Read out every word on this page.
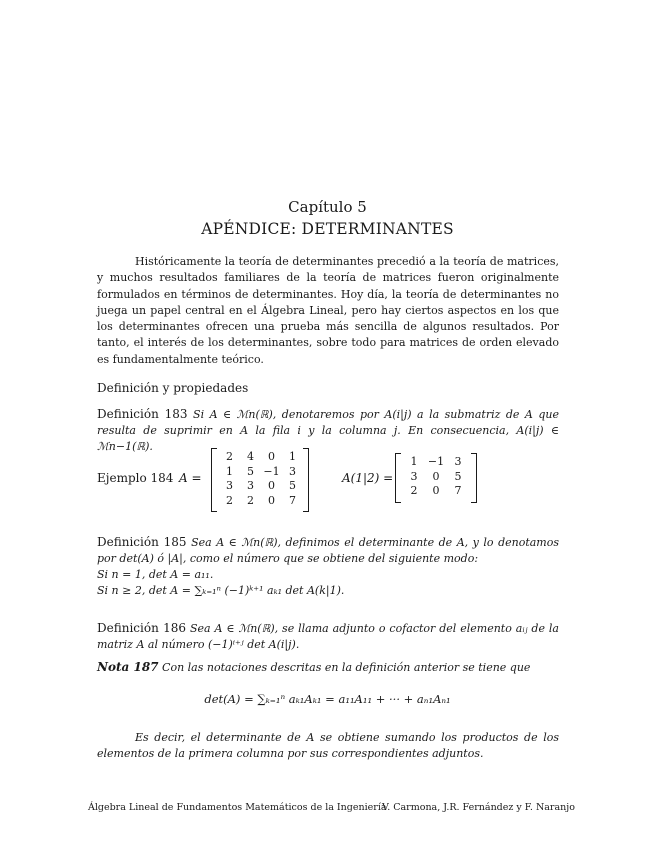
Capítulo 5
APÉNDICE: DETERMINANTES
Históricamente la teoría de determinantes precedió a la teoría de matrices, y muchos resultados familiares de la teoría de matrices fueron originalmente formulados en términos de determinantes. Hoy día, la teoría de determinantes no juega un papel central en el Álgebra Lineal, pero hay ciertos aspectos en los que los determinantes ofrecen una prueba más sencilla de algunos resultados. Por tanto, el interés de los determinantes, sobre todo para matrices de orden elevado es fundamentalmente teórico.
Definición y propiedades
Definición 183 Si A ∈ ℳn(ℝ), denotaremos por A(i|j) a la submatriz de A que resulta de suprimir en A la fila i y la columna j. En consecuencia, A(i|j) ∈ ℳn−1(ℝ).
Ejemplo 184 A =
2	4	0	1
1	5 −1 3
3	3	0	5
2	2	0	7
A(1|2) =
1 −1 3
3	0	5
2	0	7
Definición 185 Sea A ∈ ℳn(ℝ), definimos el determinante de A, y lo denotamos por det(A) ó |A|, como el número que se obtiene del siguiente modo:
Si n = 1, det A = a₁₁.
Si n ≥ 2, det A = ∑ₖ₌₁ⁿ (−1)ᵏ⁺¹ aₖ₁ det A(k|1).
Definición 186 Sea A ∈ ℳn(ℝ), se llama adjunto o cofactor del elemento aᵢⱼ de la matriz A al número (−1)ⁱ⁺ʲ det A(i|j).
Nota 187 Con las notaciones descritas en la definición anterior se tiene que
det(A) = ∑ₖ₌₁ⁿ aₖ₁Aₖ₁ = a₁₁A₁₁ + ··· + aₙ₁Aₙ₁
Es decir, el determinante de A se obtiene sumando los productos de los elementos de la primera columna por sus correspondientes adjuntos.
Álgebra Lineal de Fundamentos Matemáticos de la Ingeniería
V. Carmona, J.R. Fernández y F. Naranjo
